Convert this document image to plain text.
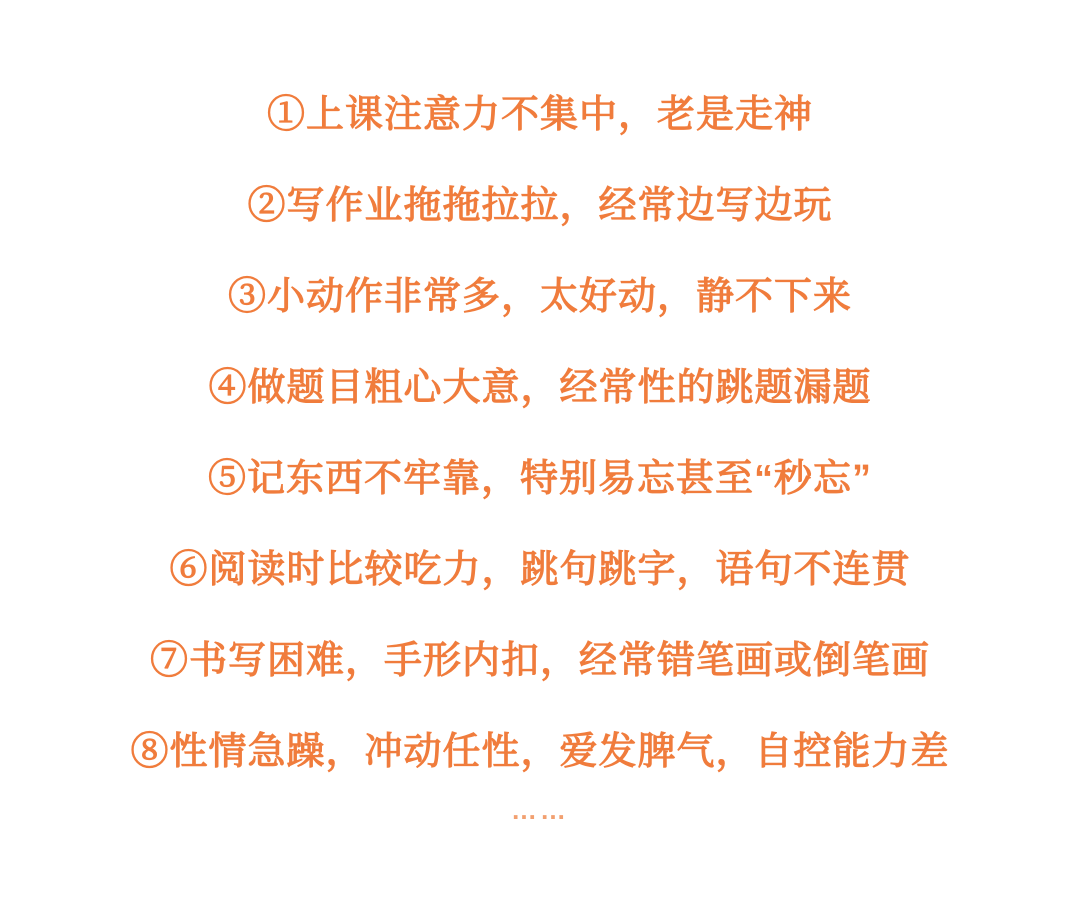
①上课注意力不集中，老是走神

②写作业拖拖拉拉，经常边写边玩

③小动作非常多，太好动，静不下来

④做题目粗心大意，经常性的跳题漏题

⑤记东西不牢靠，特别易忘甚至“秒忘”

⑥阅读时比较吃力，跳句跳字，语句不连贯

⑦书写困难，手形内扣，经常错笔画或倒笔画

⑧性情急躁，冲动任性，爱发脾气，自控能力差

……
